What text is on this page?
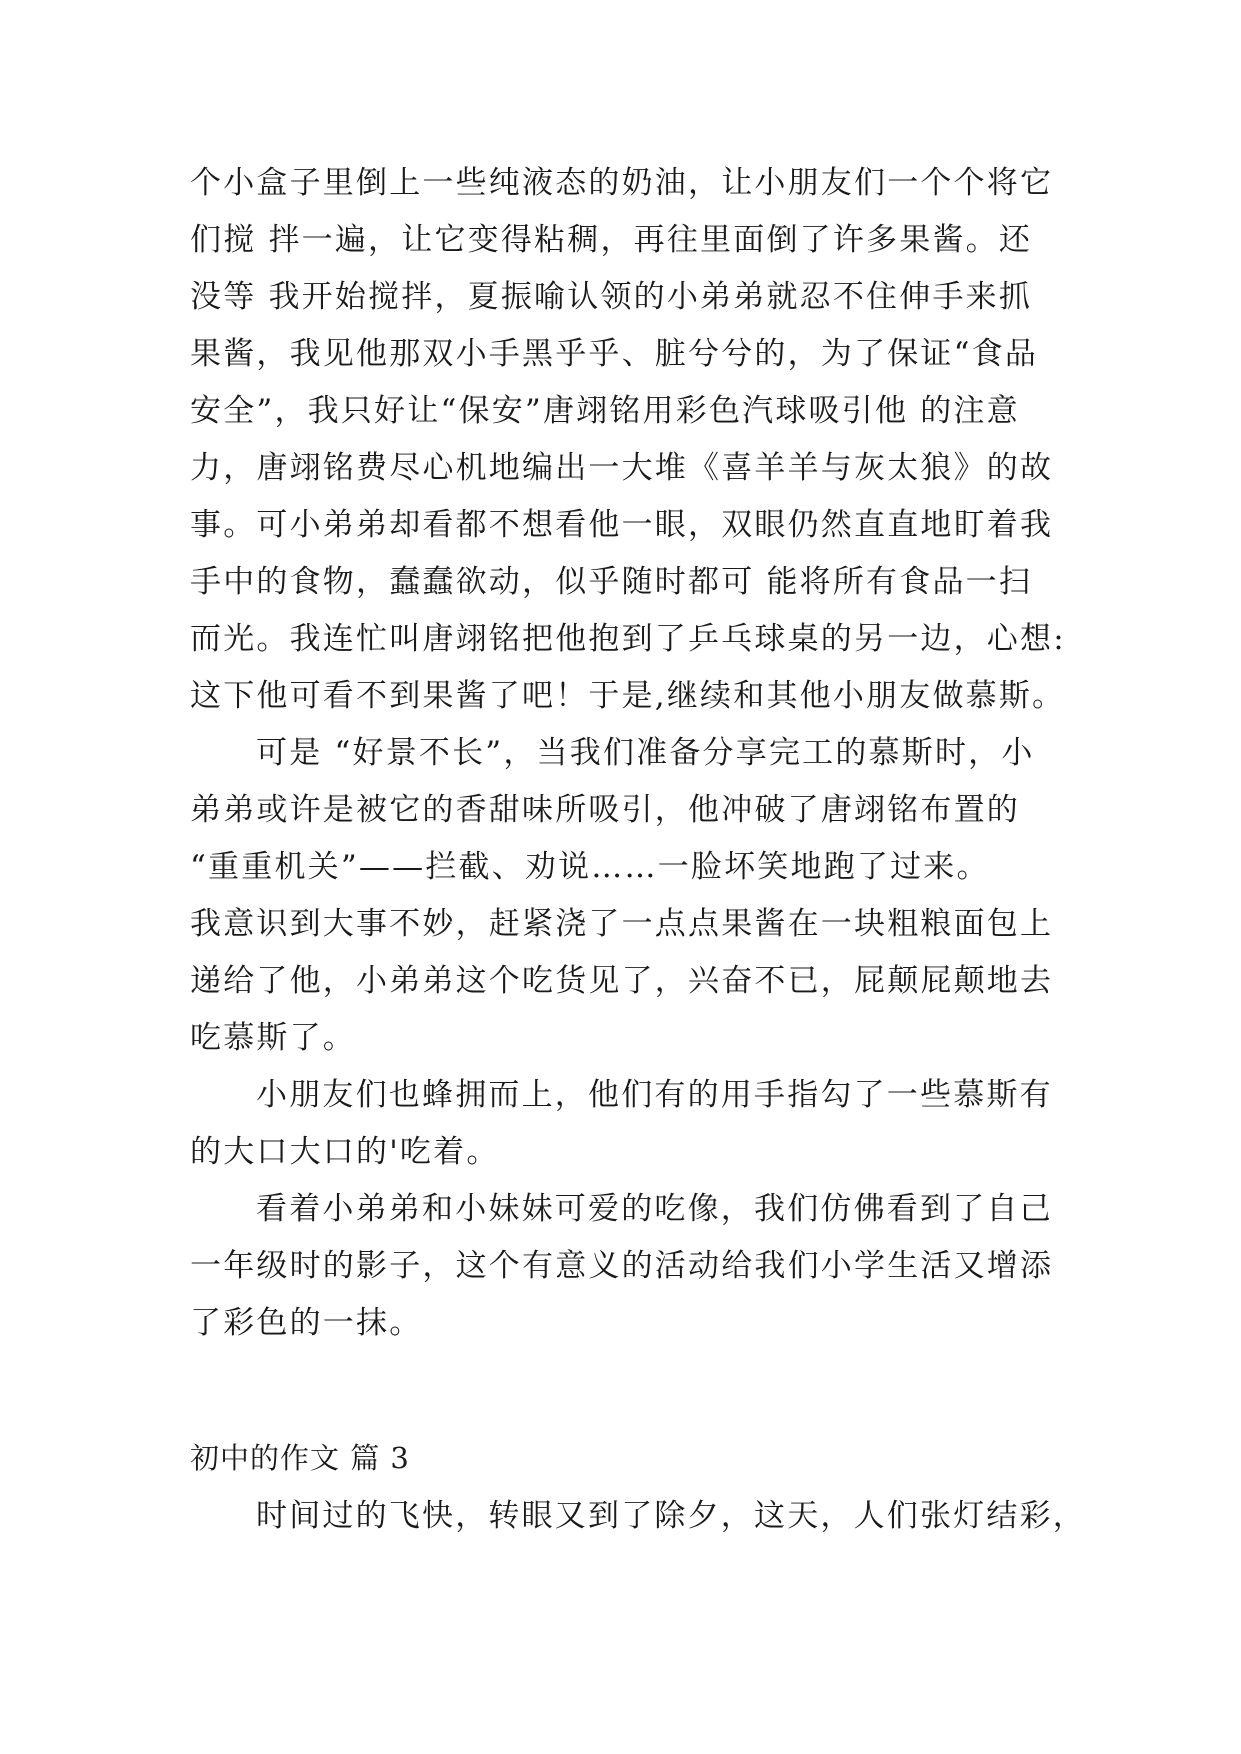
个小盒子里倒上一些纯液态的奶油，让小朋友们一个个将它
们搅 拌一遍，让它变得粘稠，再往里面倒了许多果酱。还
没等 我开始搅拌，夏振喻认领的小弟弟就忍不住伸手来抓
果酱，我见他那双小手黑乎乎、脏兮兮的，为了保证“食品
安全”，我只好让“保安”唐翊铭用彩色汽球吸引他 的注意
力，唐翊铭费尽心机地编出一大堆《喜羊羊与灰太狼》的故
事。可小弟弟却看都不想看他一眼，双眼仍然直直地盯着我
手中的食物，蠢蠢欲动，似乎随时都可 能将所有食品一扫
而光。我连忙叫唐翊铭把他抱到了乒乓球桌的另一边，心想:
这下他可看不到果酱了吧！于是,继续和其他小朋友做慕斯。
可是 “好景不长”，当我们准备分享完工的慕斯时，小
弟弟或许是被它的香甜味所吸引，他冲破了唐翊铭布置的
“重重机关”——拦截、劝说……一脸坏笑地跑了过来。
我意识到大事不妙，赶紧浇了一点点果酱在一块粗粮面包上
递给了他，小弟弟这个吃货见了，兴奋不已，屁颠屁颠地去
吃慕斯了。
小朋友们也蜂拥而上，他们有的用手指勾了一些慕斯有
的大口大口的'吃着。
看着小弟弟和小妹妹可爱的吃像，我们仿佛看到了自己
一年级时的影子，这个有意义的活动给我们小学生活又增添
了彩色的一抹。
初中的作文 篇 3
时间过的飞快，转眼又到了除夕，这天，人们张灯结彩，
